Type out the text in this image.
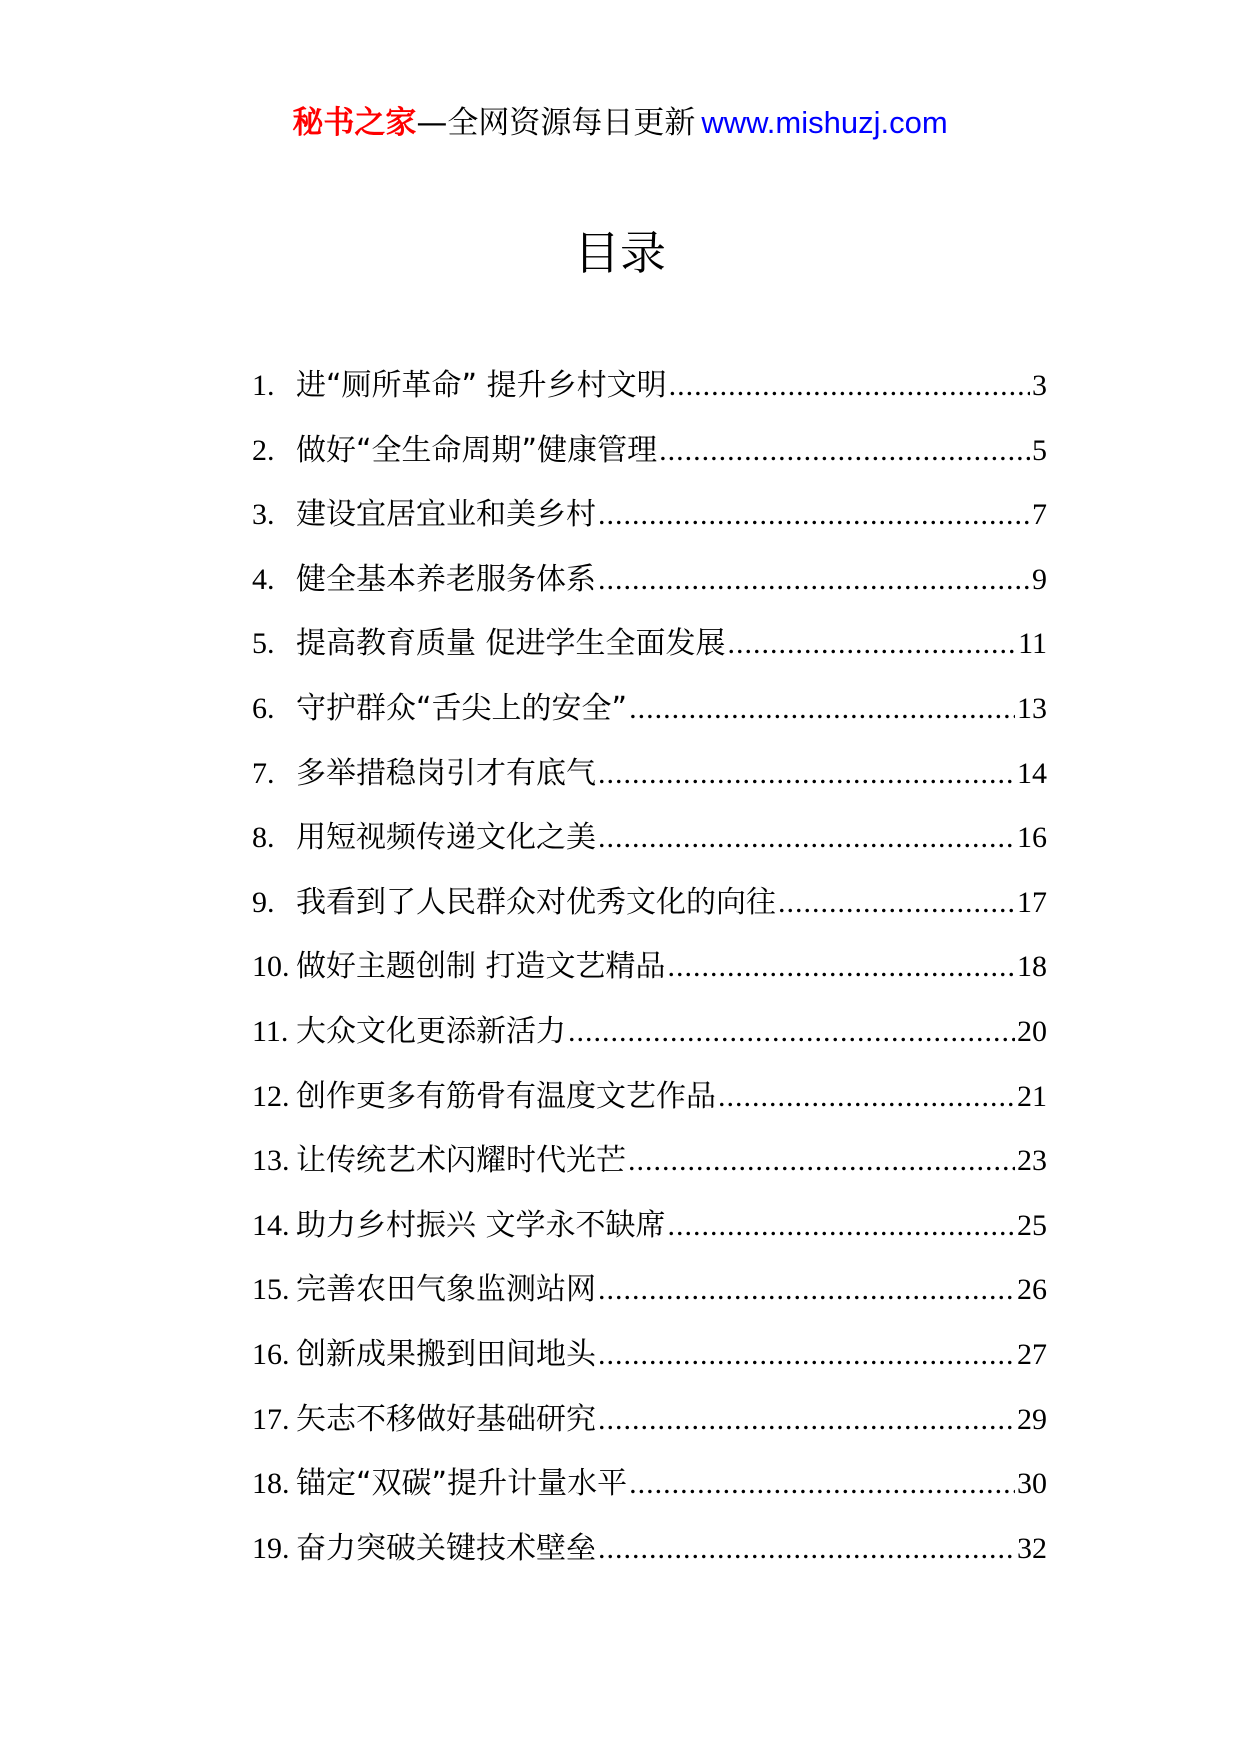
秘书之家—全网资源每日更新 www.mishuzj.com
目录
1. 进“厕所革命” 提升乡村文明 .....	3
2. 做好“全生命周期”健康管理 .....	5
3. 建设宜居宜业和美乡村 .....	7
4. 健全基本养老服务体系 .....	9
5. 提高教育质量 促进学生全面发展 .....	11
6. 守护群众“舌尖上的安全” .....	13
7. 多举措稳岗引才有底气 .....	14
8. 用短视频传递文化之美 .....	16
9. 我看到了人民群众对优秀文化的向往 .....	17
10. 做好主题创制 打造文艺精品 .....	18
11. 大众文化更添新活力 .....	20
12. 创作更多有筋骨有温度文艺作品 .....	21
13. 让传统艺术闪耀时代光芒 .....	23
14. 助力乡村振兴 文学永不缺席 .....	25
15. 完善农田气象监测站网 .....	26
16. 创新成果搬到田间地头 .....	27
17. 矢志不移做好基础研究 .....	29
18. 锚定“双碳”提升计量水平 .....	30
19. 奋力突破关键技术壁垒 .....	32
